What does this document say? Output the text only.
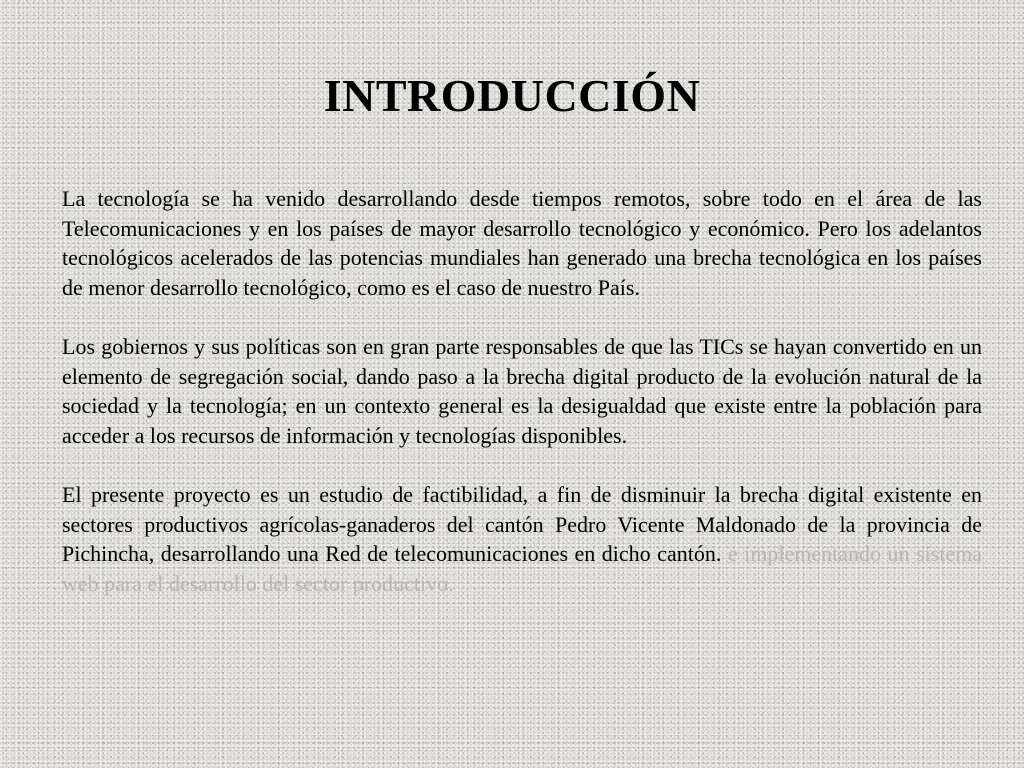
INTRODUCCIÓN

La tecnología se ha venido desarrollando desde tiempos remotos, sobre todo en el área de las Telecomunicaciones y en los países de mayor desarrollo tecnológico y económico. Pero los adelantos tecnológicos acelerados de las potencias mundiales han generado una brecha tecnológica en los países de menor desarrollo tecnológico, como es el caso de nuestro País.

Los gobiernos y sus políticas son en gran parte responsables de que las TICs se hayan convertido en un elemento de segregación social, dando paso a la brecha digital producto de la evolución natural de la sociedad y la tecnología; en un contexto general es la desigualdad que existe entre la población para acceder a los recursos de información y tecnologías disponibles.

El presente proyecto es un estudio de factibilidad, a fin de disminuir la brecha digital existente en sectores productivos agrícolas-ganaderos del cantón Pedro Vicente Maldonado de la provincia de Pichincha, desarrollando una Red de telecomunicaciones en dicho cantón. e implementando un sistema web para el desarrollo del sector productivo.
